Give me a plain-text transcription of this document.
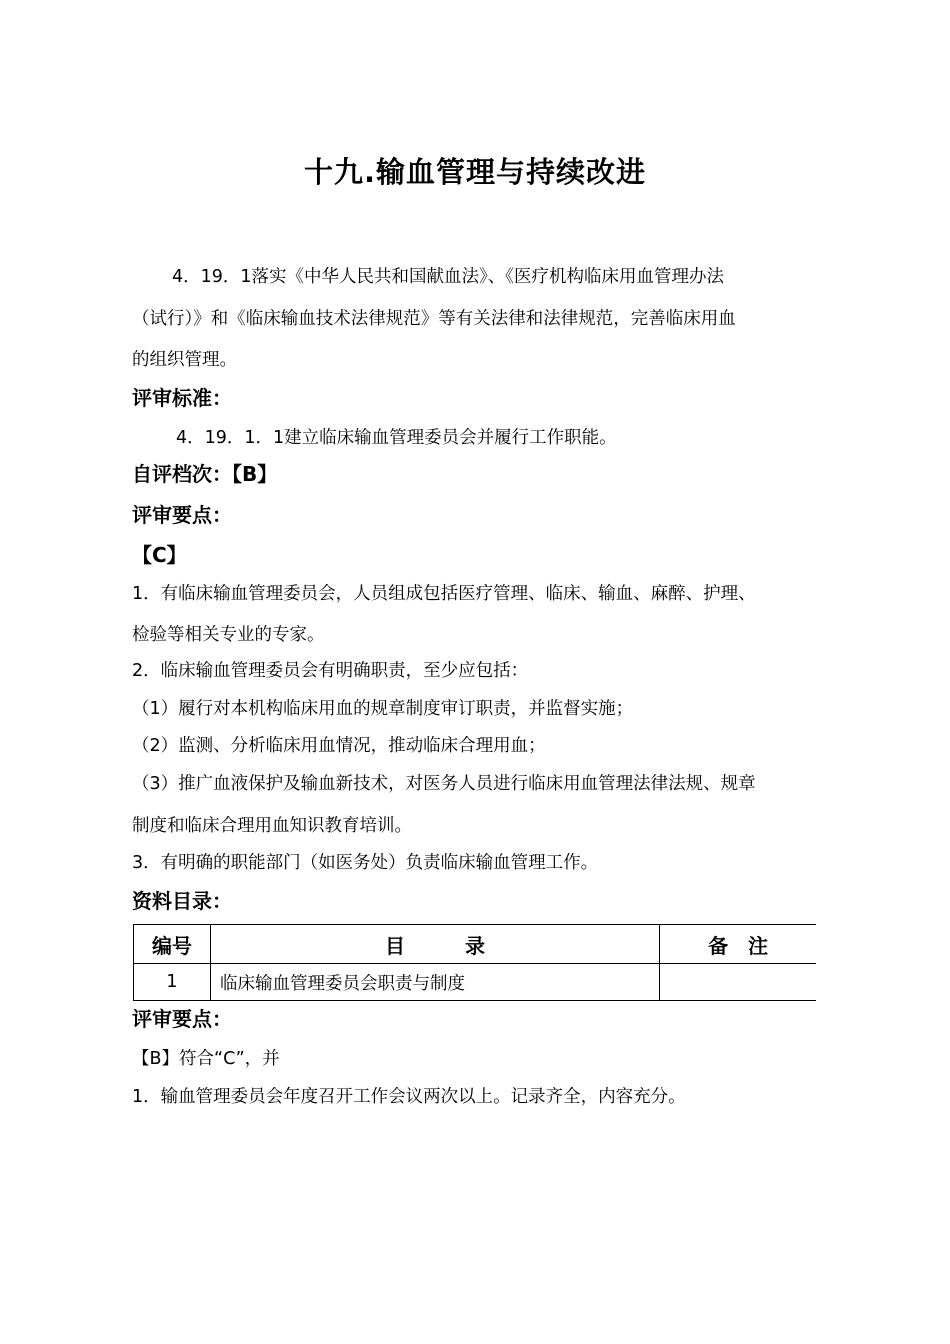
十九.输血管理与持续改进
4．19．1落实《中华人民共和国献血法》、《医疗机构临床用血管理办法
（试行）》和《临床输血技术法律规范》等有关法律和法律规范，完善临床用血
的组织管理。
评审标准：
4．19．1．1建立临床输血管理委员会并履行工作职能。
自评档次：【B】
评审要点：
【C】
1．有临床输血管理委员会，人员组成包括医疗管理、临床、输血、麻醉、护理、
检验等相关专业的专家。
2．临床输血管理委员会有明确职责，至少应包括：
（1）履行对本机构临床用血的规章制度审订职责，并监督实施；
（2）监测、分析临床用血情况，推动临床合理用血；
（3）推广血液保护及输血新技术，对医务人员进行临床用血管理法律法规、规章
制度和临床合理用血知识教育培训。
3．有明确的职能部门（如医务处）负责临床输血管理工作。
资料目录：
编号	目　　　录	备　注
1	临床输血管理委员会职责与制度	
评审要点：
【B】符合“C”，并
1．输血管理委员会年度召开工作会议两次以上。记录齐全，内容充分。
